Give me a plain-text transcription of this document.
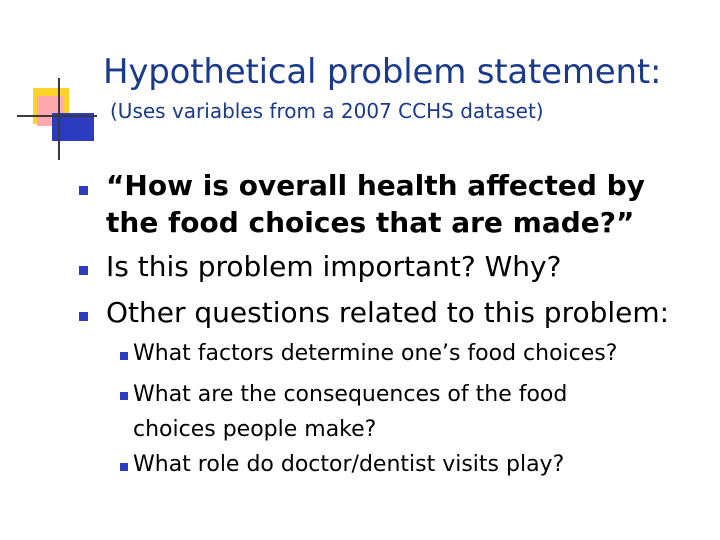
Hypothetical problem statement:
(Uses variables from a 2007 CCHS dataset)
“How is overall health affected by
the food choices that are made?”
Is this problem important? Why?
Other questions related to this problem:
What factors determine one’s food choices?
What are the consequences of the food
choices people make?
What role do doctor/dentist visits play?
